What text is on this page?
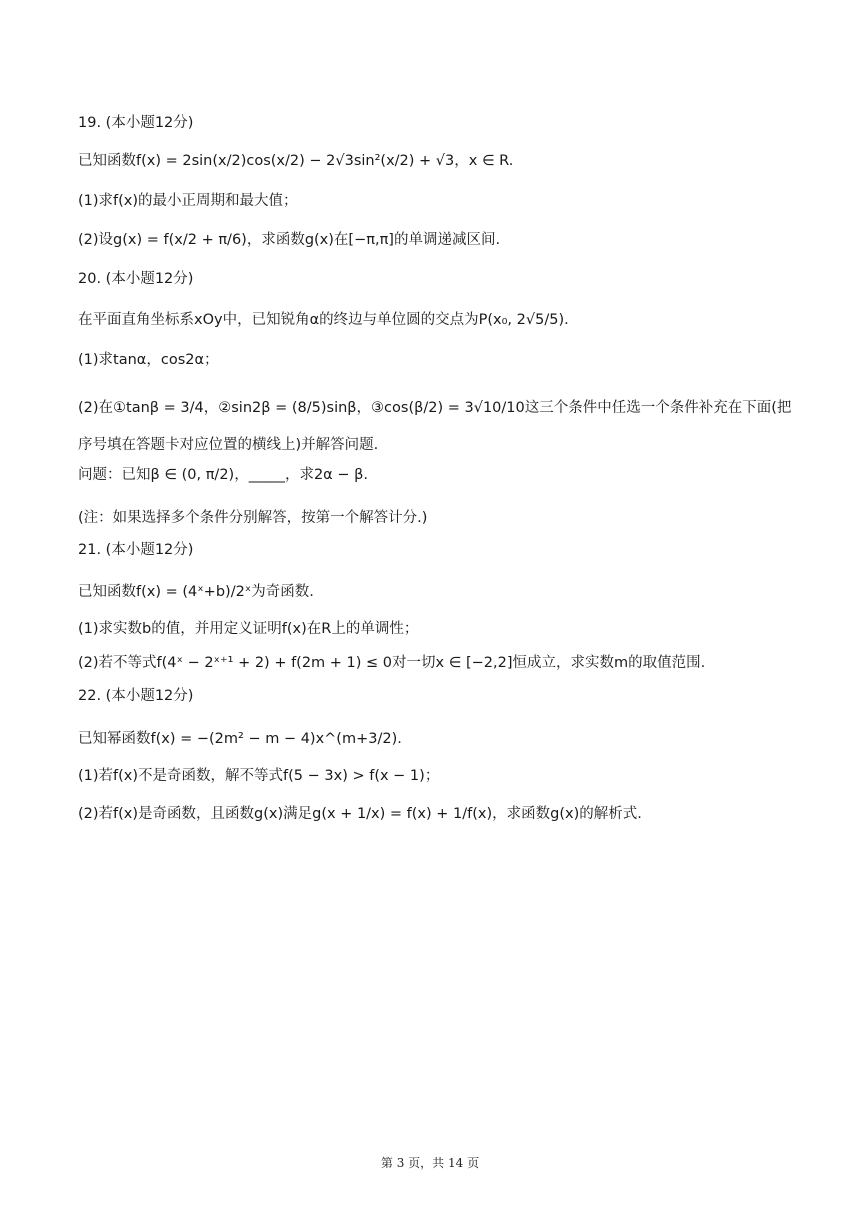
19. (本小题12分)
已知函数f(x) = 2sin(x/2)cos(x/2) − 2√3sin²(x/2) + √3，x ∈ R.
(1)求f(x)的最小正周期和最大值；
(2)设g(x) = f(x/2 + π/6)，求函数g(x)在[−π,π]的单调递减区间.
20. (本小题12分)
在平面直角坐标系xOy中，已知锐角α的终边与单位圆的交点为P(x₀, 2√5/5).
(1)求tanα，cos2α；
(2)在①tanβ = 3/4，②sin2β = (8/5)sinβ，③cos(β/2) = 3√10/10这三个条件中任选一个条件补充在下面(把序号填在答题卡对应位置的横线上)并解答问题.
问题：已知β ∈ (0, π/2)，_____，求2α − β.
(注：如果选择多个条件分别解答，按第一个解答计分.)
21. (本小题12分)
已知函数f(x) = (4ˣ+b)/2ˣ为奇函数.
(1)求实数b的值，并用定义证明f(x)在R上的单调性；
(2)若不等式f(4ˣ − 2ˣ⁺¹ + 2) + f(2m + 1) ≤ 0对一切x ∈ [−2,2]恒成立，求实数m的取值范围.
22. (本小题12分)
已知幂函数f(x) = −(2m² − m − 4)x^(m+3/2).
(1)若f(x)不是奇函数，解不等式f(5 − 3x) > f(x − 1)；
(2)若f(x)是奇函数，且函数g(x)满足g(x + 1/x) = f(x) + 1/f(x)，求函数g(x)的解析式.
第 3 页，共 14 页
